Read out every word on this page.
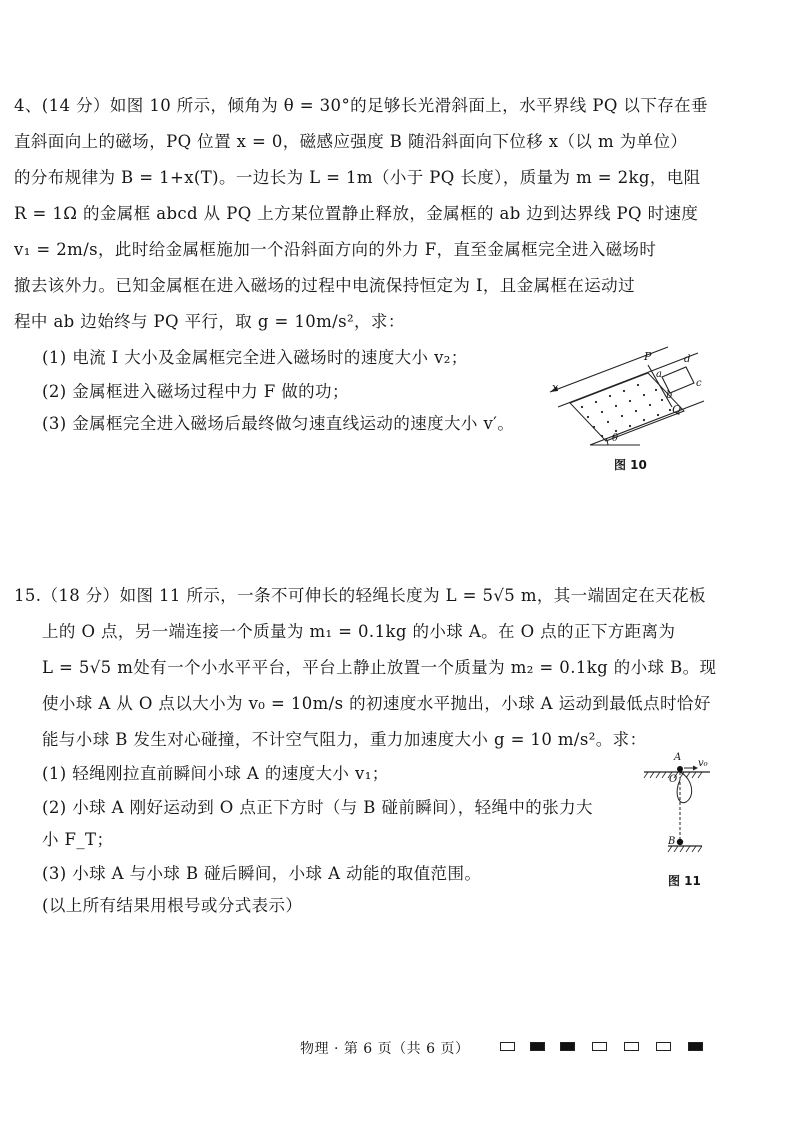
4、(14 分）如图 10 所示，倾角为 θ = 30°的足够长光滑斜面上，水平界线 PQ 以下存在垂
直斜面向上的磁场，PQ 位置 x = 0，磁感应强度 B 随沿斜面向下位移 x（以 m 为单位）
的分布规律为 B = 1+x(T)。一边长为 L = 1m（小于 PQ 长度），质量为 m = 2kg，电阻
R = 1Ω 的金属框 abcd 从 PQ 上方某位置静止释放，金属框的 ab 边到达界线 PQ 时速度
v₁ = 2m/s，此时给金属框施加一个沿斜面方向的外力 F，直至金属框完全进入磁场时
撤去该外力。已知金属框在进入磁场的过程中电流保持恒定为 I，且金属框在运动过
程中 ab 边始终与 PQ 平行，取 g = 10m/s²，求：
(1) 电流 I 大小及金属框完全进入磁场时的速度大小 v₂；
(2) 金属框进入磁场过程中力 F 做的功；
(3) 金属框完全进入磁场后最终做匀速直线运动的速度大小 v′。
x
P
Q
a
b
c
d
θ
图 10
15.（18 分）如图 11 所示，一条不可伸长的轻绳长度为 L = 5√5 m，其一端固定在天花板
上的 O 点，另一端连接一个质量为 m₁ = 0.1kg 的小球 A。在 O 点的正下方距离为
L = 5√5 m处有一个小水平平台，平台上静止放置一个质量为 m₂ = 0.1kg 的小球 B。现
使小球 A 从 O 点以大小为 v₀ = 10m/s 的初速度水平抛出，小球 A 运动到最低点时恰好
能与小球 B 发生对心碰撞，不计空气阻力，重力加速度大小 g = 10 m/s²。求：
(1) 轻绳刚拉直前瞬间小球 A 的速度大小 v₁；
(2) 小球 A 刚好运动到 O 点正下方时（与 B 碰前瞬间），轻绳中的张力大
小 F_T；
(3) 小球 A 与小球 B 碰后瞬间，小球 A 动能的取值范围。
(以上所有结果用根号或分式表示）
A
v₀
O
B
图 11
物理 · 第 6 页（共 6 页）
